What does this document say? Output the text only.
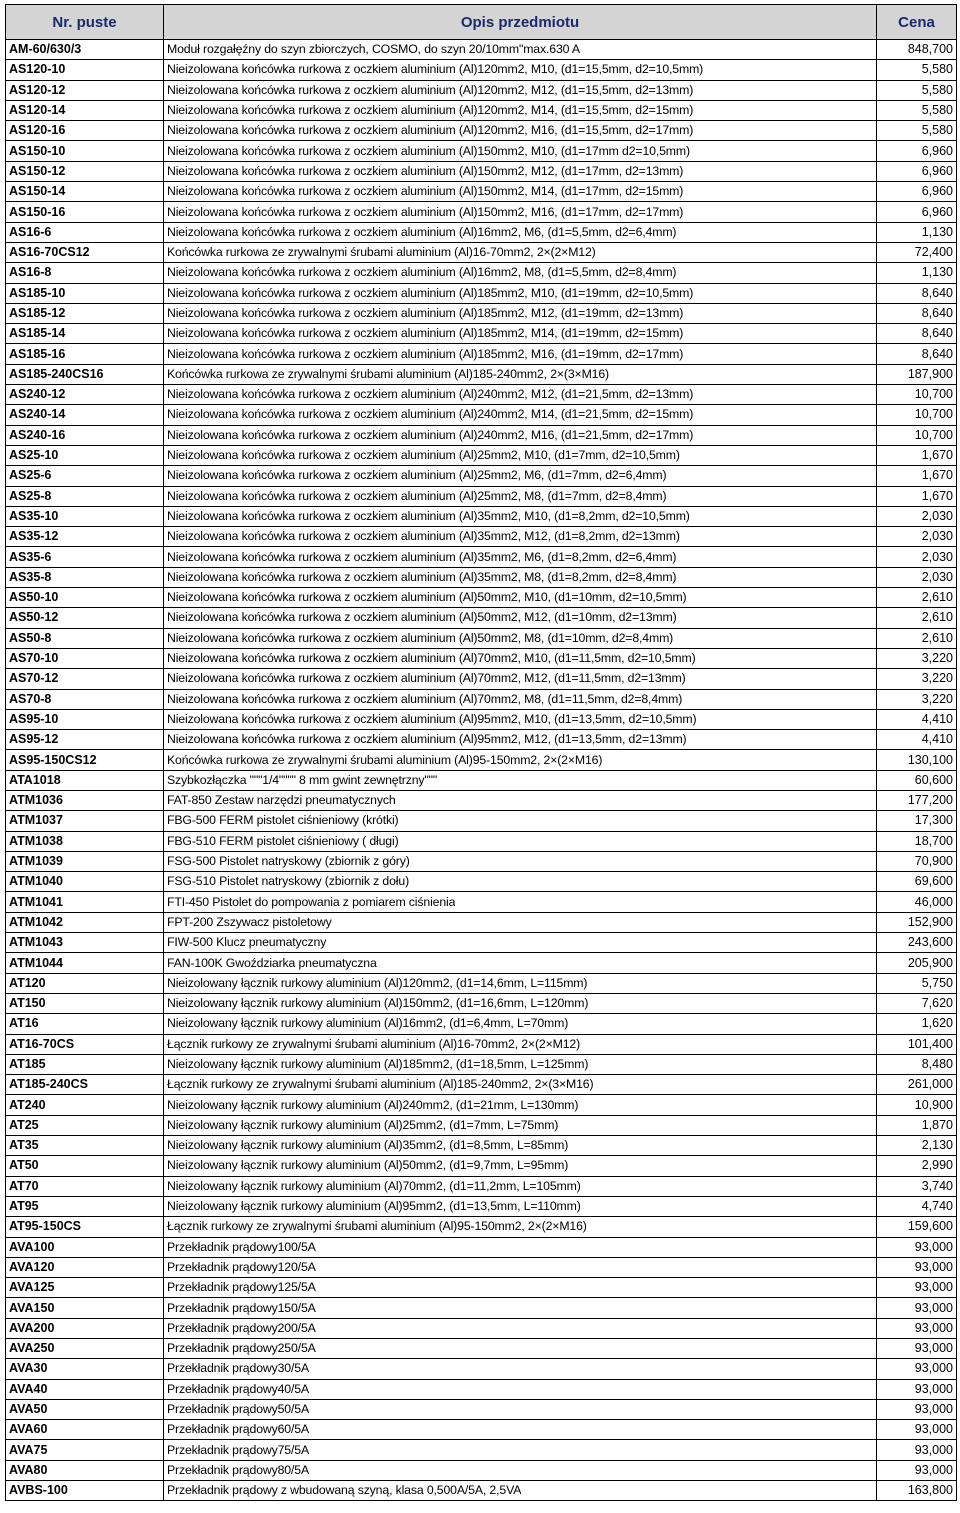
Nr. puste	Opis przedmiotu	Cena
AM-60/630/3	Moduł rozgałęźny do szyn zbiorczych, COSMO, do szyn 20/10mm"max.630 A	848,700
AS120-10	Nieizolowana końcówka rurkowa z oczkiem aluminium (Al)120mm2, M10, (d1=15,5mm, d2=10,5mm)	5,580
AS120-12	Nieizolowana końcówka rurkowa z oczkiem aluminium (Al)120mm2, M12, (d1=15,5mm, d2=13mm)	5,580
AS120-14	Nieizolowana końcówka rurkowa z oczkiem aluminium (Al)120mm2, M14, (d1=15,5mm, d2=15mm)	5,580
AS120-16	Nieizolowana końcówka rurkowa z oczkiem aluminium (Al)120mm2, M16, (d1=15,5mm, d2=17mm)	5,580
AS150-10	Nieizolowana końcówka rurkowa z oczkiem aluminium (Al)150mm2, M10, (d1=17mm d2=10,5mm)	6,960
AS150-12	Nieizolowana końcówka rurkowa z oczkiem aluminium (Al)150mm2, M12, (d1=17mm, d2=13mm)	6,960
AS150-14	Nieizolowana końcówka rurkowa z oczkiem aluminium (Al)150mm2, M14, (d1=17mm, d2=15mm)	6,960
AS150-16	Nieizolowana końcówka rurkowa z oczkiem aluminium (Al)150mm2, M16, (d1=17mm, d2=17mm)	6,960
AS16-6	Nieizolowana końcówka rurkowa z oczkiem aluminium (Al)16mm2, M6, (d1=5,5mm, d2=6,4mm)	1,130
AS16-70CS12	Końcówka rurkowa ze zrywalnymi śrubami aluminium (Al)16-70mm2, 2×(2×M12)	72,400
AS16-8	Nieizolowana końcówka rurkowa z oczkiem aluminium (Al)16mm2, M8, (d1=5,5mm, d2=8,4mm)	1,130
AS185-10	Nieizolowana końcówka rurkowa z oczkiem aluminium (Al)185mm2, M10, (d1=19mm, d2=10,5mm)	8,640
AS185-12	Nieizolowana końcówka rurkowa z oczkiem aluminium (Al)185mm2, M12, (d1=19mm, d2=13mm)	8,640
AS185-14	Nieizolowana końcówka rurkowa z oczkiem aluminium (Al)185mm2, M14, (d1=19mm, d2=15mm)	8,640
AS185-16	Nieizolowana końcówka rurkowa z oczkiem aluminium (Al)185mm2, M16, (d1=19mm, d2=17mm)	8,640
AS185-240CS16	Końcówka rurkowa ze zrywalnymi śrubami aluminium (Al)185-240mm2, 2×(3×M16)	187,900
AS240-12	Nieizolowana końcówka rurkowa z oczkiem aluminium (Al)240mm2, M12, (d1=21,5mm, d2=13mm)	10,700
AS240-14	Nieizolowana końcówka rurkowa z oczkiem aluminium (Al)240mm2, M14, (d1=21,5mm, d2=15mm)	10,700
AS240-16	Nieizolowana końcówka rurkowa z oczkiem aluminium (Al)240mm2, M16, (d1=21,5mm, d2=17mm)	10,700
AS25-10	Nieizolowana końcówka rurkowa z oczkiem aluminium (Al)25mm2, M10, (d1=7mm, d2=10,5mm)	1,670
AS25-6	Nieizolowana końcówka rurkowa z oczkiem aluminium (Al)25mm2, M6, (d1=7mm, d2=6,4mm)	1,670
AS25-8	Nieizolowana końcówka rurkowa z oczkiem aluminium (Al)25mm2, M8, (d1=7mm, d2=8,4mm)	1,670
AS35-10	Nieizolowana końcówka rurkowa z oczkiem aluminium (Al)35mm2, M10, (d1=8,2mm, d2=10,5mm)	2,030
AS35-12	Nieizolowana końcówka rurkowa z oczkiem aluminium (Al)35mm2, M12, (d1=8,2mm, d2=13mm)	2,030
AS35-6	Nieizolowana końcówka rurkowa z oczkiem aluminium (Al)35mm2, M6, (d1=8,2mm, d2=6,4mm)	2,030
AS35-8	Nieizolowana końcówka rurkowa z oczkiem aluminium (Al)35mm2, M8, (d1=8,2mm, d2=8,4mm)	2,030
AS50-10	Nieizolowana końcówka rurkowa z oczkiem aluminium (Al)50mm2, M10, (d1=10mm, d2=10,5mm)	2,610
AS50-12	Nieizolowana końcówka rurkowa z oczkiem aluminium (Al)50mm2, M12, (d1=10mm, d2=13mm)	2,610
AS50-8	Nieizolowana końcówka rurkowa z oczkiem aluminium (Al)50mm2, M8, (d1=10mm, d2=8,4mm)	2,610
AS70-10	Nieizolowana końcówka rurkowa z oczkiem aluminium (Al)70mm2, M10, (d1=11,5mm, d2=10,5mm)	3,220
AS70-12	Nieizolowana końcówka rurkowa z oczkiem aluminium (Al)70mm2, M12, (d1=11,5mm, d2=13mm)	3,220
AS70-8	Nieizolowana końcówka rurkowa z oczkiem aluminium (Al)70mm2, M8, (d1=11,5mm, d2=8,4mm)	3,220
AS95-10	Nieizolowana końcówka rurkowa z oczkiem aluminium (Al)95mm2, M10, (d1=13,5mm, d2=10,5mm)	4,410
AS95-12	Nieizolowana końcówka rurkowa z oczkiem aluminium (Al)95mm2, M12, (d1=13,5mm, d2=13mm)	4,410
AS95-150CS12	Końcówka rurkowa ze zrywalnymi śrubami aluminium (Al)95-150mm2, 2×(2×M16)	130,100
ATA1018	Szybkozłączka """1/4"""" 8 mm gwint zewnętrzny"""	60,600
ATM1036	FAT-850 Zestaw narzędzi pneumatycznych	177,200
ATM1037	FBG-500 FERM pistolet ciśnieniowy (krótki)	17,300
ATM1038	FBG-510 FERM pistolet ciśnieniowy ( długi)	18,700
ATM1039	FSG-500 Pistolet natryskowy (zbiornik z góry)	70,900
ATM1040	FSG-510 Pistolet natryskowy (zbiornik z dołu)	69,600
ATM1041	FTI-450 Pistolet do pompowania z pomiarem ciśnienia	46,000
ATM1042	FPT-200 Zszywacz pistoletowy	152,900
ATM1043	FIW-500 Klucz pneumatyczny	243,600
ATM1044	FAN-100K Gwoździarka pneumatyczna	205,900
AT120	Nieizolowany łącznik rurkowy aluminium (Al)120mm2, (d1=14,6mm, L=115mm)	5,750
AT150	Nieizolowany łącznik rurkowy aluminium (Al)150mm2, (d1=16,6mm, L=120mm)	7,620
AT16	Nieizolowany łącznik rurkowy aluminium (Al)16mm2, (d1=6,4mm, L=70mm)	1,620
AT16-70CS	Łącznik rurkowy ze zrywalnymi śrubami aluminium (Al)16-70mm2, 2×(2×M12)	101,400
AT185	Nieizolowany łącznik rurkowy aluminium (Al)185mm2, (d1=18,5mm, L=125mm)	8,480
AT185-240CS	Łącznik rurkowy ze zrywalnymi śrubami aluminium (Al)185-240mm2, 2×(3×M16)	261,000
AT240	Nieizolowany łącznik rurkowy aluminium (Al)240mm2, (d1=21mm, L=130mm)	10,900
AT25	Nieizolowany łącznik rurkowy aluminium (Al)25mm2, (d1=7mm, L=75mm)	1,870
AT35	Nieizolowany łącznik rurkowy aluminium (Al)35mm2, (d1=8,5mm, L=85mm)	2,130
AT50	Nieizolowany łącznik rurkowy aluminium (Al)50mm2, (d1=9,7mm, L=95mm)	2,990
AT70	Nieizolowany łącznik rurkowy aluminium (Al)70mm2, (d1=11,2mm, L=105mm)	3,740
AT95	Nieizolowany łącznik rurkowy aluminium (Al)95mm2, (d1=13,5mm, L=110mm)	4,740
AT95-150CS	Łącznik rurkowy ze zrywalnymi śrubami aluminium (Al)95-150mm2, 2×(2×M16)	159,600
AVA100	Przekładnik prądowy100/5A	93,000
AVA120	Przekładnik prądowy120/5A	93,000
AVA125	Przekładnik prądowy125/5A	93,000
AVA150	Przekładnik prądowy150/5A	93,000
AVA200	Przekładnik prądowy200/5A	93,000
AVA250	Przekładnik prądowy250/5A	93,000
AVA30	Przekładnik prądowy30/5A	93,000
AVA40	Przekładnik prądowy40/5A	93,000
AVA50	Przekładnik prądowy50/5A	93,000
AVA60	Przekładnik prądowy60/5A	93,000
AVA75	Przekładnik prądowy75/5A	93,000
AVA80	Przekładnik prądowy80/5A	93,000
AVBS-100	Przekładnik prądowy z wbudowaną szyną, klasa 0,500A/5A, 2,5VA	163,800
